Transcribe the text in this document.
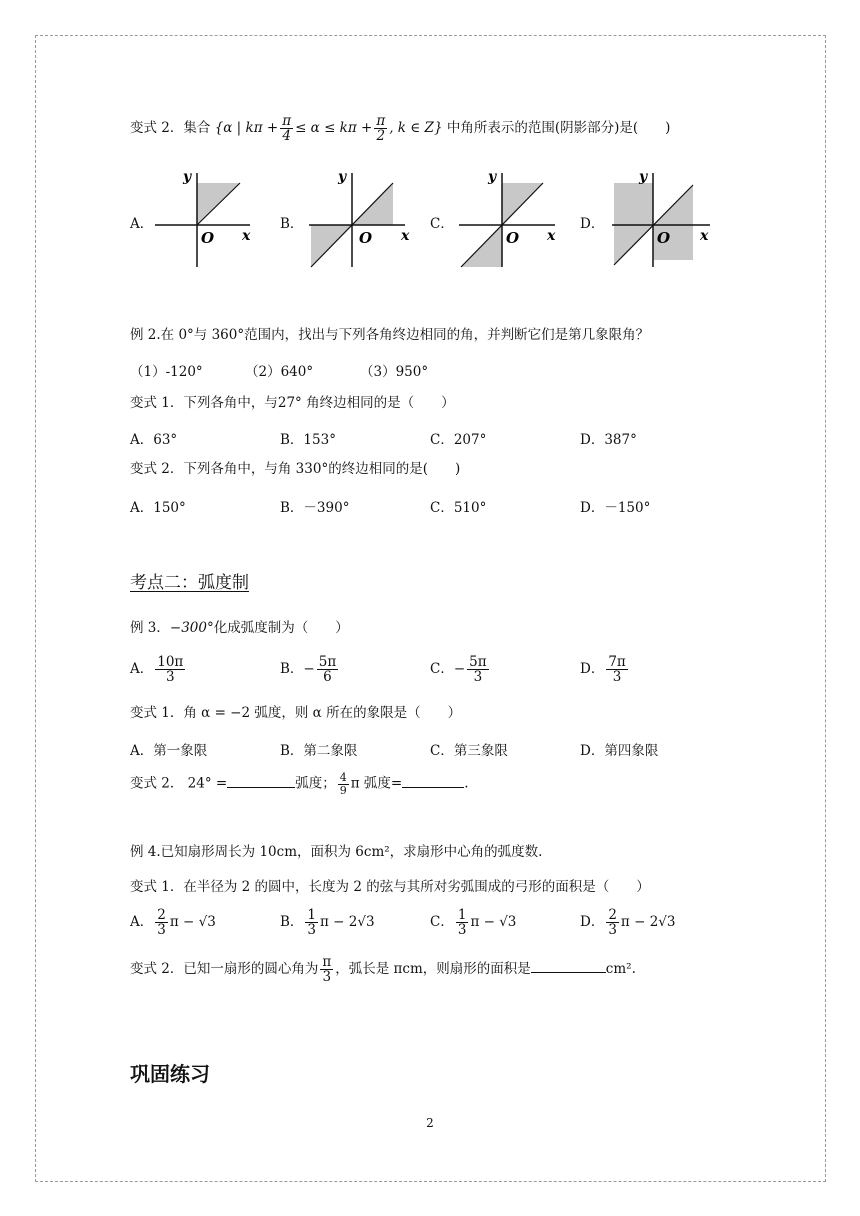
变式 2．集合 {α | $k\pi + \frac{\pi}{4} \le \alpha \le k\pi + \frac{\pi}{2}$ , k ∈ Z} 中角所表示的范围(阴影部分)是(　　)
A．
y
x
O
B．
y
x
O
C．
y
x
O
D．
y
x
O
例 2.在 0°与 360°范围内，找出与下列各角终边相同的角，并判断它们是第几象限角？
（1）-120°	（2）640°	（3）950°
变式 1．下列各角中，与27° 角终边相同的是（　　）
A．63°	B．153°	C．207°	D．387°
变式 2．下列各角中，与角 330°的终边相同的是(　　)
A．150°	B．－390°	C．510°	D．－150°
考点二：弧度制
例 3．−300°化成弧度制为（　　）
A． $\frac{10\pi}{3}$	B．− $\frac{5\pi}{6}$	C．− $\frac{5\pi}{3}$	D． $\frac{7\pi}{3}$
变式 1．角 α = −2 弧度，则 α 所在的象限是（　　）
A．第一象限	B．第二象限	C．第三象限	D．第四象限
变式 2． 24° =	弧度； $\frac{4}{9}$ π 弧度=	.
例 4.已知扇形周长为 10cm，面积为 6cm²，求扇形中心角的弧度数.
变式 1．在半径为 2 的圆中，长度为 2 的弦与其所对劣弧围成的弓形的面积是（　　）
A． $\frac{2}{3}$ π − √3	B． $\frac{1}{3}$ π − 2√3	C． $\frac{1}{3}$ π − √3	D． $\frac{2}{3}$ π − 2√3
变式 2．已知一扇形的圆心角为 $\frac{\pi}{3}$ ，弧长是 πcm，则扇形的面积是	cm².
巩固练习
2
